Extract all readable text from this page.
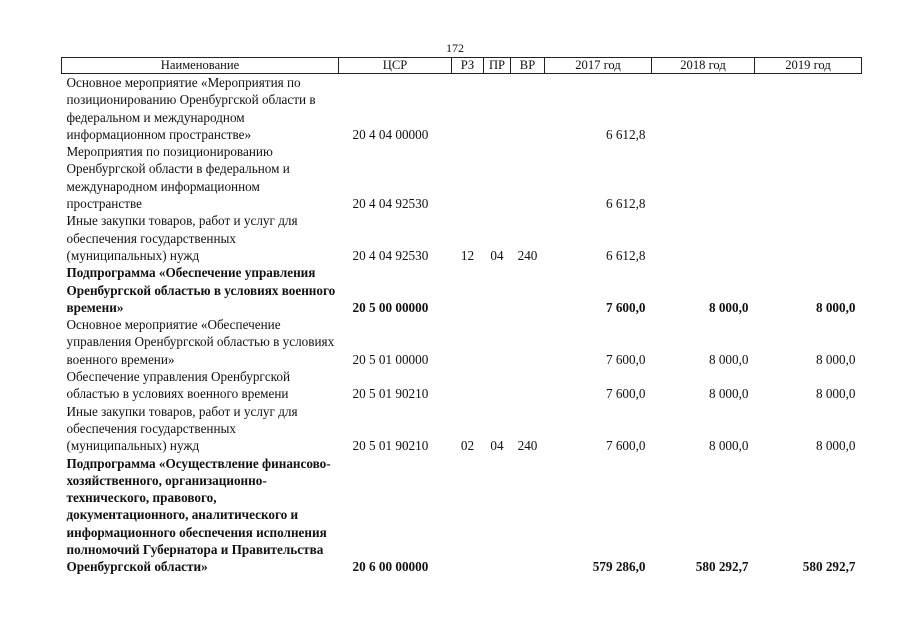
172
Наименование	ЦСР	РЗ	ПР	ВР	2017 год	2018 год	2019 год
Основное мероприятие «Мероприятия по позиционированию Оренбургской области в федеральном и международном информационном пространстве»	20 4 04 00000				6 612,8		
Мероприятия по позиционированию Оренбургской области в федеральном и международном информационном пространстве	20 4 04 92530				6 612,8		
Иные закупки товаров, работ и услуг для обеспечения государственных (муниципальных) нужд	20 4 04 92530	12	04	240	6 612,8		
Подпрограмма «Обеспечение управления Оренбургской областью в условиях военного времени»	20 5 00 00000				7 600,0	8 000,0	8 000,0
Основное мероприятие «Обеспечение управления Оренбургской областью в условиях военного времени»	20 5 01 00000				7 600,0	8 000,0	8 000,0
Обеспечение управления Оренбургской областью в условиях военного времени	20 5 01 90210				7 600,0	8 000,0	8 000,0
Иные закупки товаров, работ и услуг для обеспечения государственных (муниципальных) нужд	20 5 01 90210	02	04	240	7 600,0	8 000,0	8 000,0
Подпрограмма «Осуществление финансово-хозяйственного, организационно-технического, правового, документационного, аналитического и информационного обеспечения исполнения полномочий Губернатора и Правительства Оренбургской области»	20 6 00 00000				579 286,0	580 292,7	580 292,7
